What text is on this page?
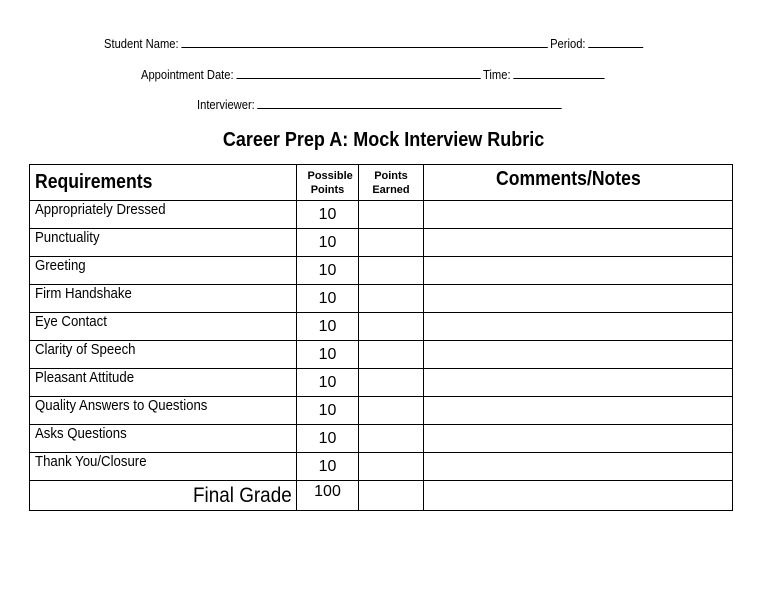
Student Name:	Period:
Appointment Date:	Time:
Interviewer:
Career Prep A: Mock Interview Rubric
Requirements	Possible Points	Points Earned	Comments/Notes
Appropriately Dressed	10		
Punctuality	10		
Greeting	10		
Firm Handshake	10		
Eye Contact	10		
Clarity of Speech	10		
Pleasant Attitude	10		
Quality Answers to Questions	10		
Asks Questions	10		
Thank You/Closure	10		
Final Grade	100		
